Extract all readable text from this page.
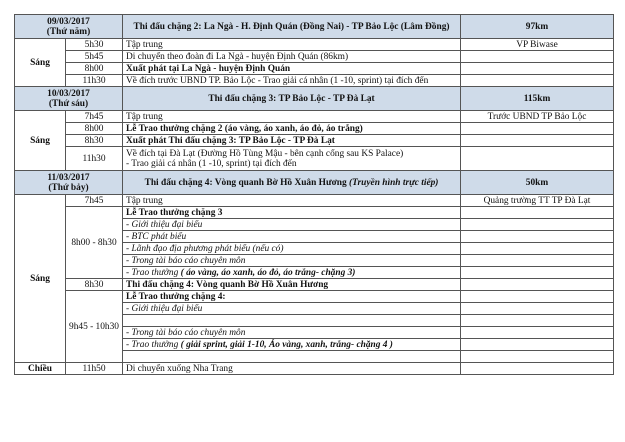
09/03/2017
(Thứ năm)		Thi đấu chặng 2: La Ngà - H. Định Quán (Đồng Nai) - TP Bảo Lộc (Lâm Đồng)	97km
Sáng	5h30	Tập trung	VP Biwase
	5h45	Di chuyển theo đoàn đi La Ngà - huyện Định Quán (86km)	
	8h00	Xuất phát tại La Ngà - huyện Định Quán	
	11h30	Về đích trước UBND TP. Bảo Lộc - Trao giải cá nhân (1 -10, sprint) tại đích đến	

10/03/2017
(Thứ sáu)		Thi đấu chặng 3: TP Bảo Lộc - TP Đà Lạt	115km
Sáng	7h45	Tập trung	Trước UBND TP Bảo Lộc
	8h00	Lễ Trao thưởng chặng 2 (áo vàng, áo xanh, áo đỏ, áo trắng)	
	8h30	Xuất phát Thi đấu chặng 3: TP Bảo Lộc - TP Đà Lạt	
	11h30	Về đích tại Đà Lạt (Đường Hồ Tùng Mậu - bên cạnh cổng sau KS Palace)
- Trao giải cá nhân (1 -10, sprint) tại đích đến	

11/03/2017
(Thứ bảy)		Thi đấu chặng 4: Vòng quanh Bờ Hồ Xuân Hương (Truyền hình trực tiếp)	50km
Sáng	7h45	Tập trung	Quảng trường TT TP Đà Lạt
	8h00 - 8h30	Lễ Trao thưởng chặng 3	
		- Giới thiệu đại biểu	
		- BTC phát biểu	
		- Lãnh đạo địa phương phát biểu (nếu có)	
		- Trong tài báo cáo chuyên môn	
		- Trao thưởng ( áo vàng, áo xanh, áo đỏ, áo trắng- chặng 3)	
	8h30	Thi đấu chặng 4: Vòng quanh Bờ Hồ Xuân Hương	
	9h45 - 10h30	Lễ Trao thưởng chặng 4:	
		- Giới thiệu đại biểu	

		- Trong tài báo cáo chuyên môn	
		- Trao thưởng ( giải sprint, giải 1-10, Áo vàng, xanh, trắng- chặng 4 )	

Chiều	11h50	Di chuyển xuống Nha Trang	
